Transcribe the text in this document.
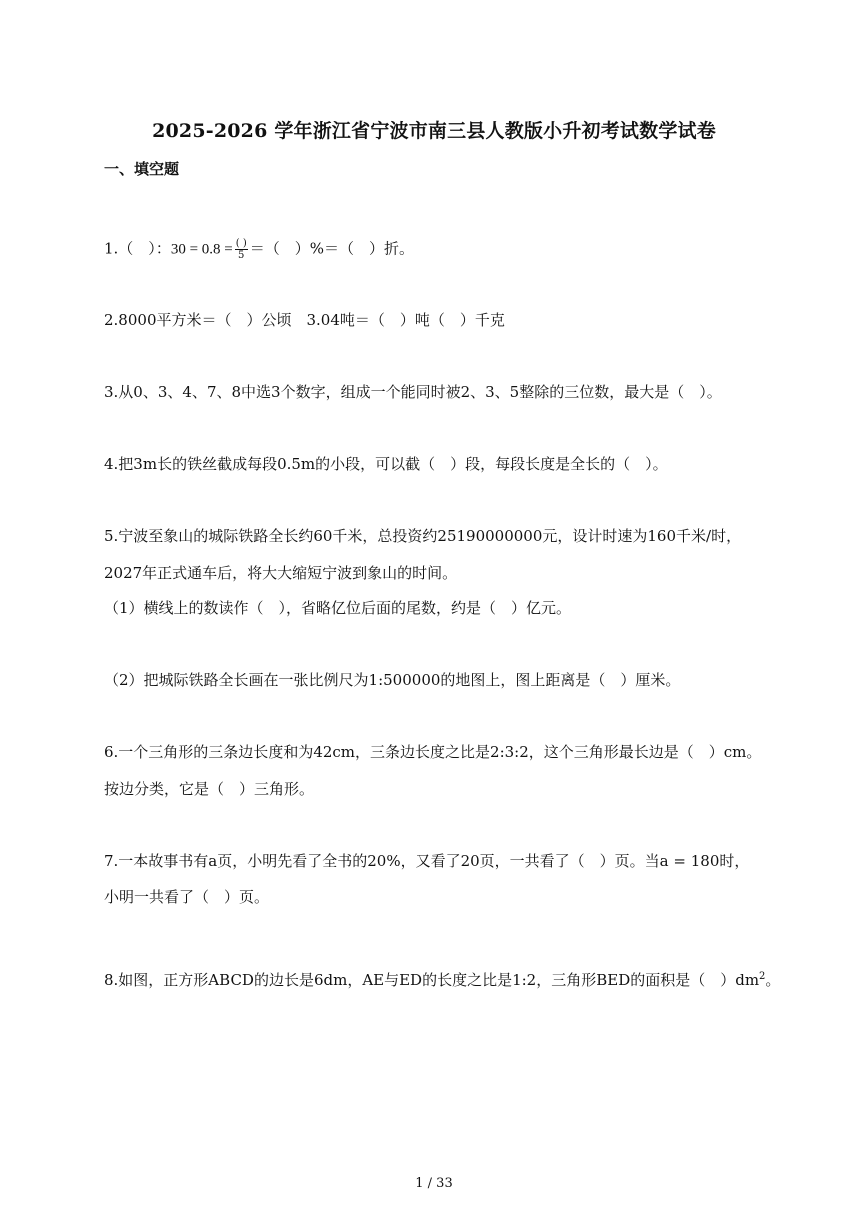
2025-2026 学年浙江省宁波市南三县人教版小升初考试数学试卷
一、填空题
1.（　）：$30 = 0.8 = \frac{( )}{5}$ ＝（　）%＝（　）折。
2.8000平方米＝（　）公顷　3.04吨＝（　）吨（　）千克
3.从0、3、4、7、8中选3个数字，组成一个能同时被2、3、5整除的三位数，最大是（　）。
4.把3m长的铁丝截成每段0.5m的小段，可以截（　）段，每段长度是全长的（　）。
5.宁波至象山的城际铁路全长约60千米，总投资约25190000000元，设计时速为160千米/时，
2027年正式通车后，将大大缩短宁波到象山的时间。
（1）横线上的数读作（　），省略亿位后面的尾数，约是（　）亿元。
（2）把城际铁路全长画在一张比例尺为1:500000的地图上，图上距离是（　）厘米。
6.一个三角形的三条边长度和为42cm，三条边长度之比是2:3:2，这个三角形最长边是（　）cm。
按边分类，它是（　）三角形。
7.一本故事书有a页，小明先看了全书的20%，又看了20页，一共看了（　）页。当a = 180时，
小明一共看了（　）页。
8.如图，正方形ABCD的边长是6dm，AE与ED的长度之比是1:2，三角形BED的面积是（　）$dm^2$。
1 / 33
